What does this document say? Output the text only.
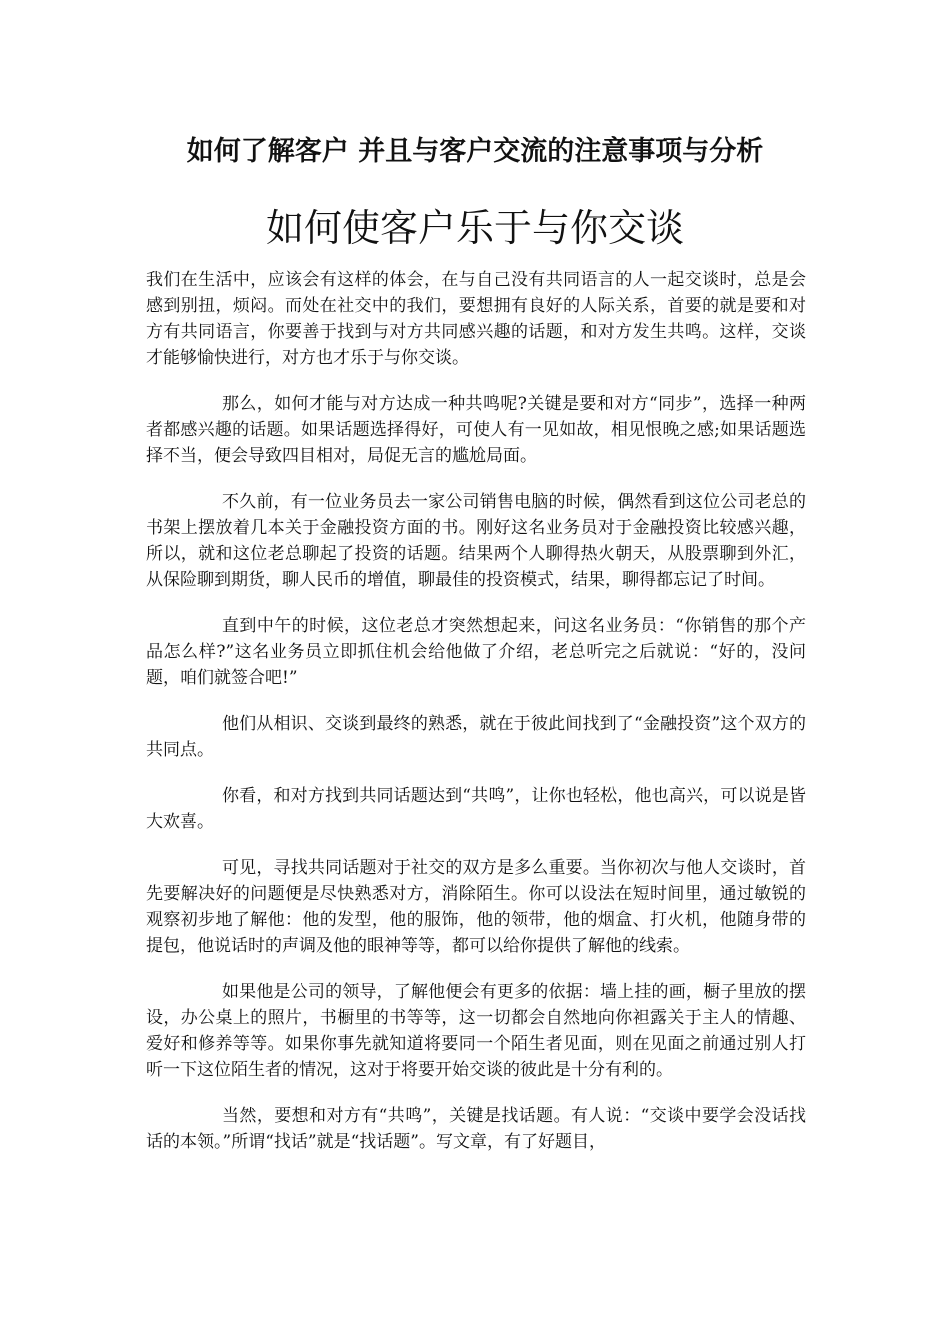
如何了解客户 并且与客户交流的注意事项与分析
如何使客户乐于与你交谈

我们在生活中，应该会有这样的体会，在与自己没有共同语言的人一起交谈时，总是会感到别扭，烦闷。而处在社交中的我们，要想拥有良好的人际关系，首要的就是要和对方有共同语言，你要善于找到与对方共同感兴趣的话题，和对方发生共鸣。这样，交谈才能够愉快进行，对方也才乐于与你交谈。

那么，如何才能与对方达成一种共鸣呢?关键是要和对方“同步”，选择一种两者都感兴趣的话题。如果话题选择得好，可使人有一见如故，相见恨晚之感;如果话题选择不当，便会导致四目相对，局促无言的尴尬局面。

不久前，有一位业务员去一家公司销售电脑的时候，偶然看到这位公司老总的书架上摆放着几本关于金融投资方面的书。刚好这名业务员对于金融投资比较感兴趣，所以，就和这位老总聊起了投资的话题。结果两个人聊得热火朝天，从股票聊到外汇，从保险聊到期货，聊人民币的增值，聊最佳的投资模式，结果，聊得都忘记了时间。

直到中午的时候，这位老总才突然想起来，问这名业务员：“你销售的那个产品怎么样?”这名业务员立即抓住机会给他做了介绍，老总听完之后就说：“好的，没问题，咱们就签合吧!”

他们从相识、交谈到最终的熟悉，就在于彼此间找到了“金融投资”这个双方的共同点。

你看，和对方找到共同话题达到“共鸣”，让你也轻松，他也高兴，可以说是皆大欢喜。

可见，寻找共同话题对于社交的双方是多么重要。当你初次与他人交谈时，首先要解决好的问题便是尽快熟悉对方，消除陌生。你可以设法在短时间里，通过敏锐的观察初步地了解他：他的发型，他的服饰，他的领带，他的烟盒、打火机，他随身带的提包，他说话时的声调及他的眼神等等，都可以给你提供了解他的线索。

如果他是公司的领导，了解他便会有更多的依据：墙上挂的画，橱子里放的摆设，办公桌上的照片，书橱里的书等等，这一切都会自然地向你袒露关于主人的情趣、爱好和修养等等。如果你事先就知道将要同一个陌生者见面，则在见面之前通过别人打听一下这位陌生者的情况，这对于将要开始交谈的彼此是十分有利的。

当然，要想和对方有“共鸣”，关键是找话题。有人说：“交谈中要学会没话找话的本领。”所谓“找话”就是“找话题”。写文章，有了好题目，
